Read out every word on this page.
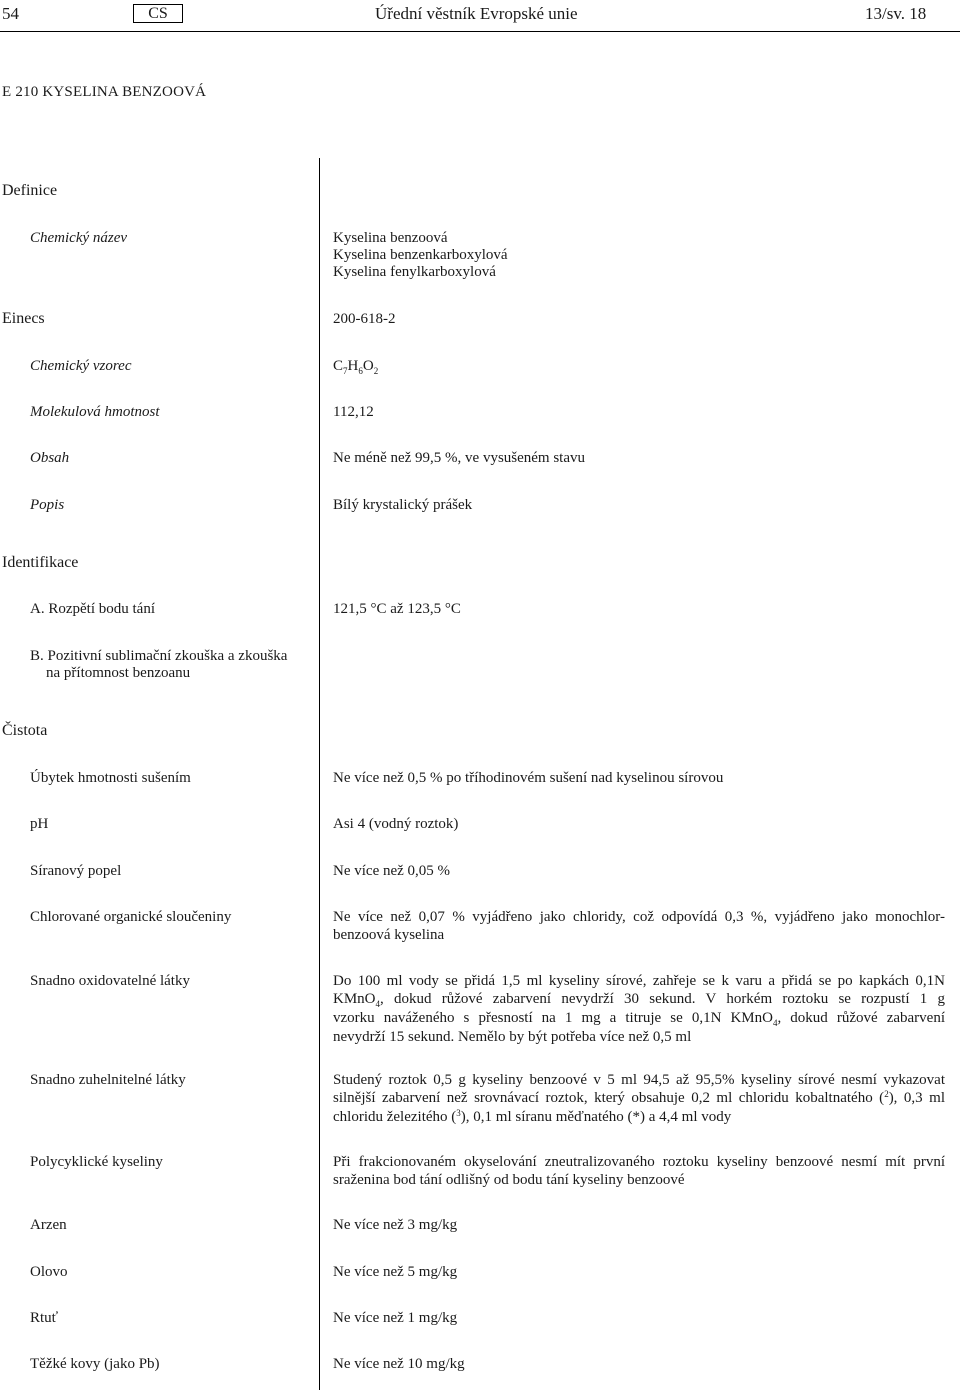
54	CS	Úřední věstník Evropské unie	13/sv. 18
E 210 KYSELINA BENZOOVÁ
Definice
Chemický název	Kyselina benzoová
Kyselina benzenkarboxylová
Kyselina fenylkarboxylová
Einecs	200-618-2
Chemický vzorec	$C_7H_6O_2$
Molekulová hmotnost	112,12
Obsah	Ne méně než 99,5 %, ve vysušeném stavu
Popis	Bílý krystalický prášek
Identifikace
A. Rozpětí bodu tání	121,5 °C až 123,5 °C
B. Pozitivní sublimační zkouška a zkouška
na přítomnost benzoanu
Čistota
Úbytek hmotnosti sušením	Ne více než 0,5 % po tříhodinovém sušení nad kyselinou sírovou
pH	Asi 4 (vodný roztok)
Síranový popel	Ne více než 0,05 %
Chlorované organické sloučeniny	Ne více než 0,07 % vyjádřeno jako chloridy, což odpovídá 0,3 %, vyjádřeno jako monochlor-
benzoová kyselina
Snadno oxidovatelné látky	Do 100 ml vody se přidá 1,5 ml kyseliny sírové, zahřeje se k varu a přidá se po kapkách 0,1N
KMnO$_4$, dokud růžové zabarvení nevydrží 30 sekund. V horkém roztoku se rozpustí 1 g
vzorku naváženého s přesností na 1 mg a titruje se 0,1N KMnO$_4$, dokud růžové zabarvení
nevydrží 15 sekund. Nemělo by být potřeba více než 0,5 ml
Snadno zuhelnitelné látky	Studený roztok 0,5 g kyseliny benzoové v 5 ml 94,5 až 95,5% kyseliny sírové nesmí vykazovat
silnější zabarvení než srovnávací roztok, který obsahuje 0,2 ml chloridu kobaltnatého ($^2$), 0,3 ml
chloridu železitého ($^3$), 0,1 ml síranu měďnatého (*) a 4,4 ml vody
Polycyklické kyseliny	Při frakcionovaném okyselování zneutralizovaného roztoku kyseliny benzoové nesmí mít první
sraženina bod tání odlišný od bodu tání kyseliny benzoové
Arzen	Ne více než 3 mg/kg
Olovo	Ne více než 5 mg/kg
Rtuť	Ne více než 1 mg/kg
Těžké kovy (jako Pb)	Ne více než 10 mg/kg
